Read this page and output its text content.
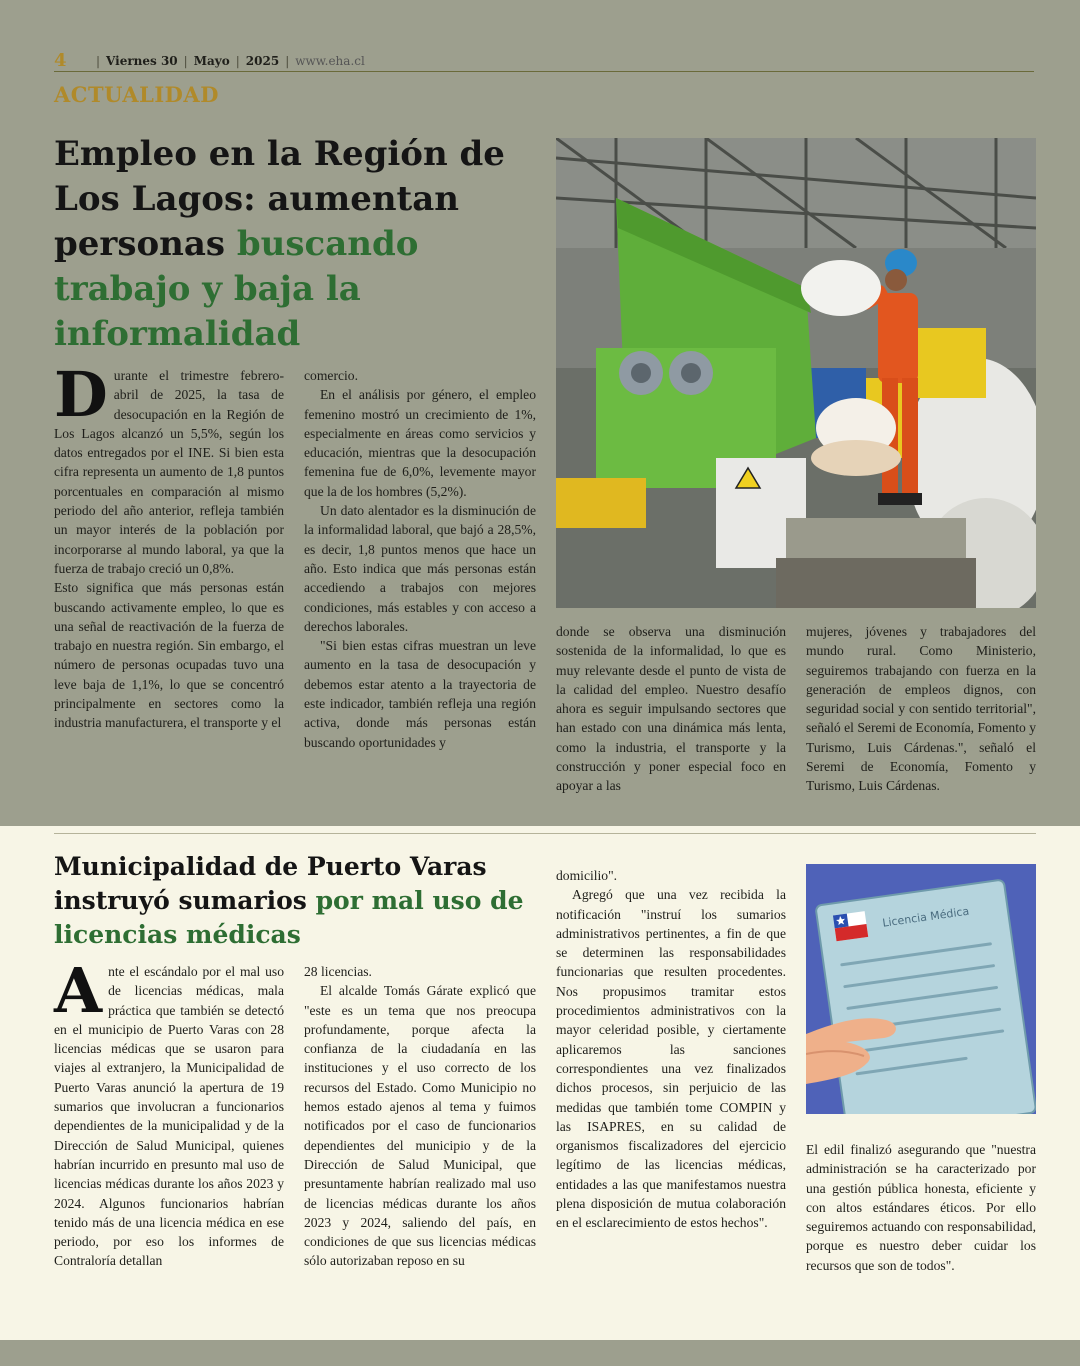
4	| Viernes 30 | Mayo | 2025 | www.eha.cl
ACTUALIDAD
Empleo en la Región de Los Lagos: aumentan personas buscando trabajo y baja la informalidad
D urante el trimestre febrero-abril de 2025, la tasa de desocupación en la Región de Los Lagos alcanzó un 5,5%, según los datos entregados por el INE. Si bien esta cifra representa un aumento de 1,8 puntos porcentuales en comparación al mismo periodo del año anterior, refleja también un mayor interés de la población por incorporarse al mundo laboral, ya que la fuerza de trabajo creció un 0,8%.

Esto significa que más personas están buscando activamente empleo, lo que es una señal de reactivación de la fuerza de trabajo en nuestra región. Sin embargo, el número de personas ocupadas tuvo una leve baja de 1,1%, lo que se concentró principalmente en sectores como la industria manufacturera, el transporte y el

comercio.

En el análisis por género, el empleo femenino mostró un crecimiento de 1%, especialmente en áreas como servicios y educación, mientras que la desocupación femenina fue de 6,0%, levemente mayor que la de los hombres (5,2%).

Un dato alentador es la disminución de la informalidad laboral, que bajó a 28,5%, es decir, 1,8 puntos menos que hace un año. Esto indica que más personas están accediendo a trabajos con mejores condiciones, más estables y con acceso a derechos laborales.

"Si bien estas cifras muestran un leve aumento en la tasa de desocupación y debemos estar atento a la trayectoria de este indicador, también refleja una región activa, donde más personas están buscando oportunidades y

donde se observa una disminución sostenida de la informalidad, lo que es muy relevante desde el punto de vista de la calidad del empleo. Nuestro desafío ahora es seguir impulsando sectores que han estado con una dinámica más lenta, como la industria, el transporte y la construcción y poner especial foco en apoyar a las

mujeres, jóvenes y trabajadores del mundo rural. Como Ministerio, seguiremos trabajando con fuerza en la generación de empleos dignos, con seguridad social y con sentido territorial", señaló el Seremi de Economía, Fomento y Turismo, Luis Cárdenas.", señaló el Seremi de Economía, Fomento y Turismo, Luis Cárdenas.

Municipalidad de Puerto Varas instruyó sumarios por mal uso de licencias médicas
Licencia Médica
A nte el escándalo por el mal uso de licencias médicas, mala práctica que también se detectó en el municipio de Puerto Varas con 28 licencias médicas que se usaron para viajes al extranjero, la Municipalidad de Puerto Varas anunció la apertura de 19 sumarios que involucran a funcionarios dependientes de la municipalidad y de la Dirección de Salud Municipal, quienes habrían incurrido en presunto mal uso de licencias médicas durante los años 2023 y 2024. Algunos funcionarios habrían tenido más de una licencia médica en ese periodo, por eso los informes de Contraloría detallan

28 licencias.

El alcalde Tomás Gárate explicó que "este es un tema que nos preocupa profundamente, porque afecta la confianza de la ciudadanía en las instituciones y el uso correcto de los recursos del Estado. Como Municipio no hemos estado ajenos al tema y fuimos notificados por el caso de funcionarios dependientes del municipio y de la Dirección de Salud Municipal, que presuntamente habrían realizado mal uso de licencias médicas durante los años 2023 y 2024, saliendo del país, en condiciones de que sus licencias médicas sólo autorizaban reposo en su

domicilio".

Agregó que una vez recibida la notificación "instruí los sumarios administrativos pertinentes, a fin de que se determinen las responsabilidades funcionarias que resulten procedentes. Nos propusimos tramitar estos procedimientos administrativos con la mayor celeridad posible, y ciertamente aplicaremos las sanciones correspondientes una vez finalizados dichos procesos, sin perjuicio de las medidas que también tome COMPIN y las ISAPRES, en su calidad de organismos fiscalizadores del ejercicio legítimo de las licencias médicas, entidades a las que manifestamos nuestra plena disposición de mutua colaboración en el esclarecimiento de estos hechos".

El edil finalizó asegurando que "nuestra administración se ha caracterizado por una gestión pública honesta, eficiente y con altos estándares éticos. Por ello seguiremos actuando con responsabilidad, porque es nuestro deber cuidar los recursos que son de todos".
